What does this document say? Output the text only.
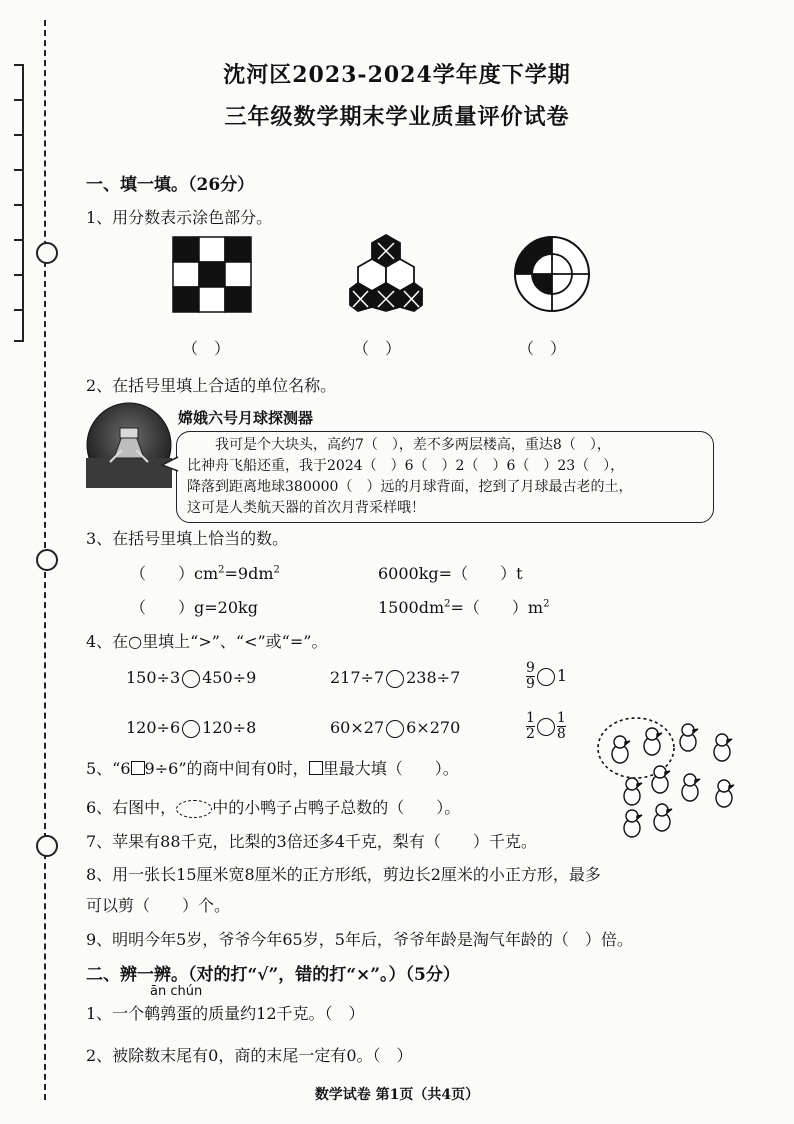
沈河区2023-2024学年度下学期
三年级数学期末学业质量评价试卷
一、填一填。（26分）
1、用分数表示涂色部分。
（　）	（　）	（　）
2、在括号里填上合适的单位名称。
嫦娥六号月球探测器
我可是个大块头，高约7（　），差不多两层楼高，重达8（　），
比神舟飞船还重，我于2024（　）6（　）2（　）6（　）23（　），
降落到距离地球380000（　）远的月球背面，挖到了月球最古老的土，
这可是人类航天器的首次月背采样哦！
3、在括号里填上恰当的数。
（　　）$cm^2=9dm^2$	6000kg=（　　）t
（　　）g=20kg	$1500dm^2=$（　　）$m^2$
4、在○里填上“>”、“<”或“=”。
150÷3 450÷9	217÷7 238÷7	$\frac{9}{9} 1$
120÷6 120÷8	60×27 6×270	$\frac{1}{2} \frac{1}{8}$
5、“6 9÷6”的商中间有0时， 里最大填（　　）。
6、右图中， 中的小鸭子占鸭子总数的（　　）。
7、苹果有88千克，比梨的3倍还多4千克，梨有（　　）千克。
8、用一张长15厘米宽8厘米的正方形纸，剪边长2厘米的小正方形，最多
可以剪（　　）个。
9、明明今年5岁，爷爷今年65岁，5年后，爷爷年龄是淘气年龄的（　）倍。
二、辨一辨。（对的打“√”，错的打“×”。）（5分）
ān chún
1、一个鹌鹑蛋的质量约12千克。（　）
2、被除数末尾有0，商的末尾一定有0。（　）
数学试卷 第1页（共4页）
